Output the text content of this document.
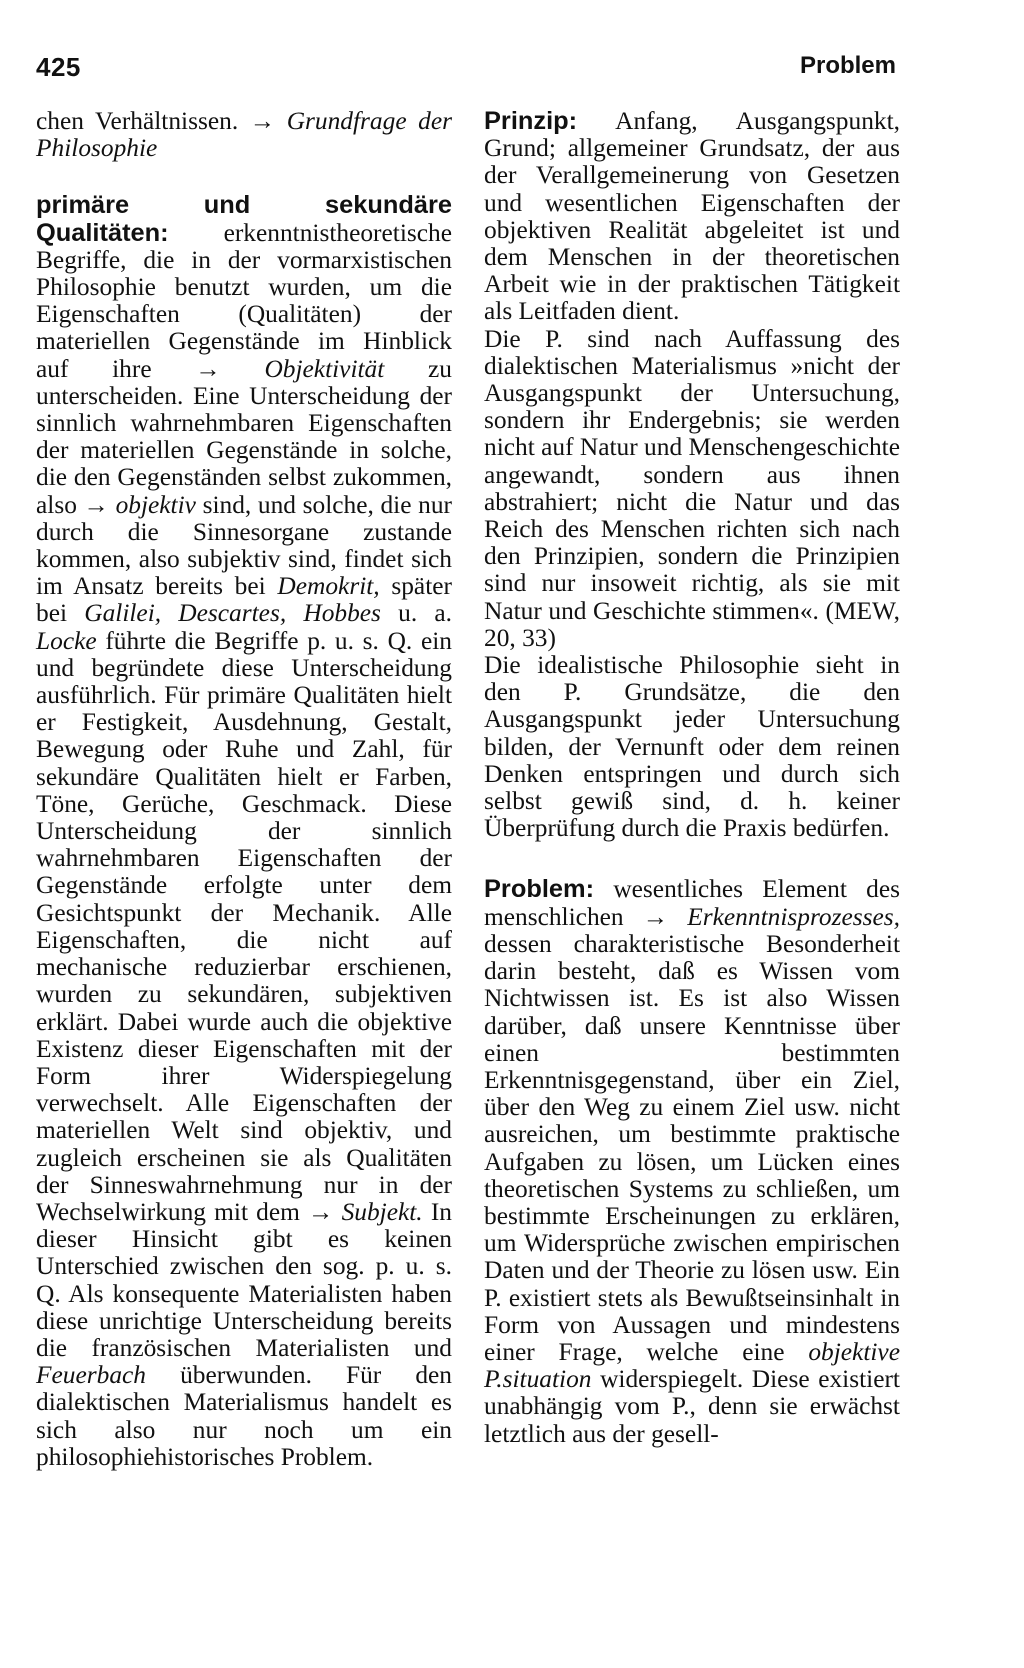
425	Problem

chen Verhältnissen. → Grundfrage der Philosophie

primäre und sekundäre Qualitäten: erkenntnistheoretische Begriffe, die in der vormarxistischen Philosophie benutzt wurden, um die Eigenschaften (Qualitäten) der materiellen Gegenstände im Hinblick auf ihre → Objektivität zu unterscheiden. Eine Unterscheidung der sinnlich wahrnehmbaren Eigenschaften der materiellen Gegenstände in solche, die den Gegenständen selbst zukommen, also → objektiv sind, und solche, die nur durch die Sinnesorgane zustande kommen, also subjektiv sind, findet sich im Ansatz bereits bei Demokrit, später bei Galilei, Descartes, Hobbes u. a. Locke führte die Begriffe p. u. s. Q. ein und begründete diese Unterscheidung ausführlich. Für primäre Qualitäten hielt er Festigkeit, Ausdehnung, Gestalt, Bewegung oder Ruhe und Zahl, für sekundäre Qualitäten hielt er Farben, Töne, Gerüche, Geschmack. Diese Unterscheidung der sinnlich wahrnehmbaren Eigenschaften der Gegenstände erfolgte unter dem Gesichtspunkt der Mechanik. Alle Eigenschaften, die nicht auf mechanische reduzierbar erschienen, wurden zu sekundären, subjektiven erklärt. Dabei wurde auch die objektive Existenz dieser Eigenschaften mit der Form ihrer Widerspiegelung verwechselt. Alle Eigenschaften der materiellen Welt sind objektiv, und zugleich erscheinen sie als Qualitäten der Sinneswahrnehmung nur in der Wechselwirkung mit dem → Subjekt. In dieser Hinsicht gibt es keinen Unterschied zwischen den sog. p. u. s. Q. Als konsequente Materialisten haben diese unrichtige Unterscheidung bereits die französischen Materialisten und Feuerbach überwunden. Für den dialektischen Materialismus handelt es sich also nur noch um ein philosophiehistorisches Problem.

Prinzip: Anfang, Ausgangspunkt, Grund; allgemeiner Grundsatz, der aus der Verallgemeinerung von Gesetzen und wesentlichen Eigenschaften der objektiven Realität abgeleitet ist und dem Menschen in der theoretischen Arbeit wie in der praktischen Tätigkeit als Leitfaden dient.

Die P. sind nach Auffassung des dialektischen Materialismus »nicht der Ausgangspunkt der Untersuchung, sondern ihr Endergebnis; sie werden nicht auf Natur und Menschengeschichte angewandt, sondern aus ihnen abstrahiert; nicht die Natur und das Reich des Menschen richten sich nach den Prinzipien, sondern die Prinzipien sind nur insoweit richtig, als sie mit Natur und Geschichte stimmen«. (MEW, 20, 33)

Die idealistische Philosophie sieht in den P. Grundsätze, die den Ausgangspunkt jeder Untersuchung bilden, der Vernunft oder dem reinen Denken entspringen und durch sich selbst gewiß sind, d. h. keiner Überprüfung durch die Praxis bedürfen.

Problem: wesentliches Element des menschlichen → Erkenntnisprozesses, dessen charakteristische Besonderheit darin besteht, daß es Wissen vom Nichtwissen ist. Es ist also Wissen darüber, daß unsere Kenntnisse über einen bestimmten Erkenntnisgegenstand, über ein Ziel, über den Weg zu einem Ziel usw. nicht ausreichen, um bestimmte praktische Aufgaben zu lösen, um Lücken eines theoretischen Systems zu schließen, um bestimmte Erscheinungen zu erklären, um Widersprüche zwischen empirischen Daten und der Theorie zu lösen usw. Ein P. existiert stets als Bewußtseinsinhalt in Form von Aussagen und mindestens einer Frage, welche eine objektive P.situation widerspiegelt. Diese existiert unabhängig vom P., denn sie erwächst letztlich aus der gesell-
